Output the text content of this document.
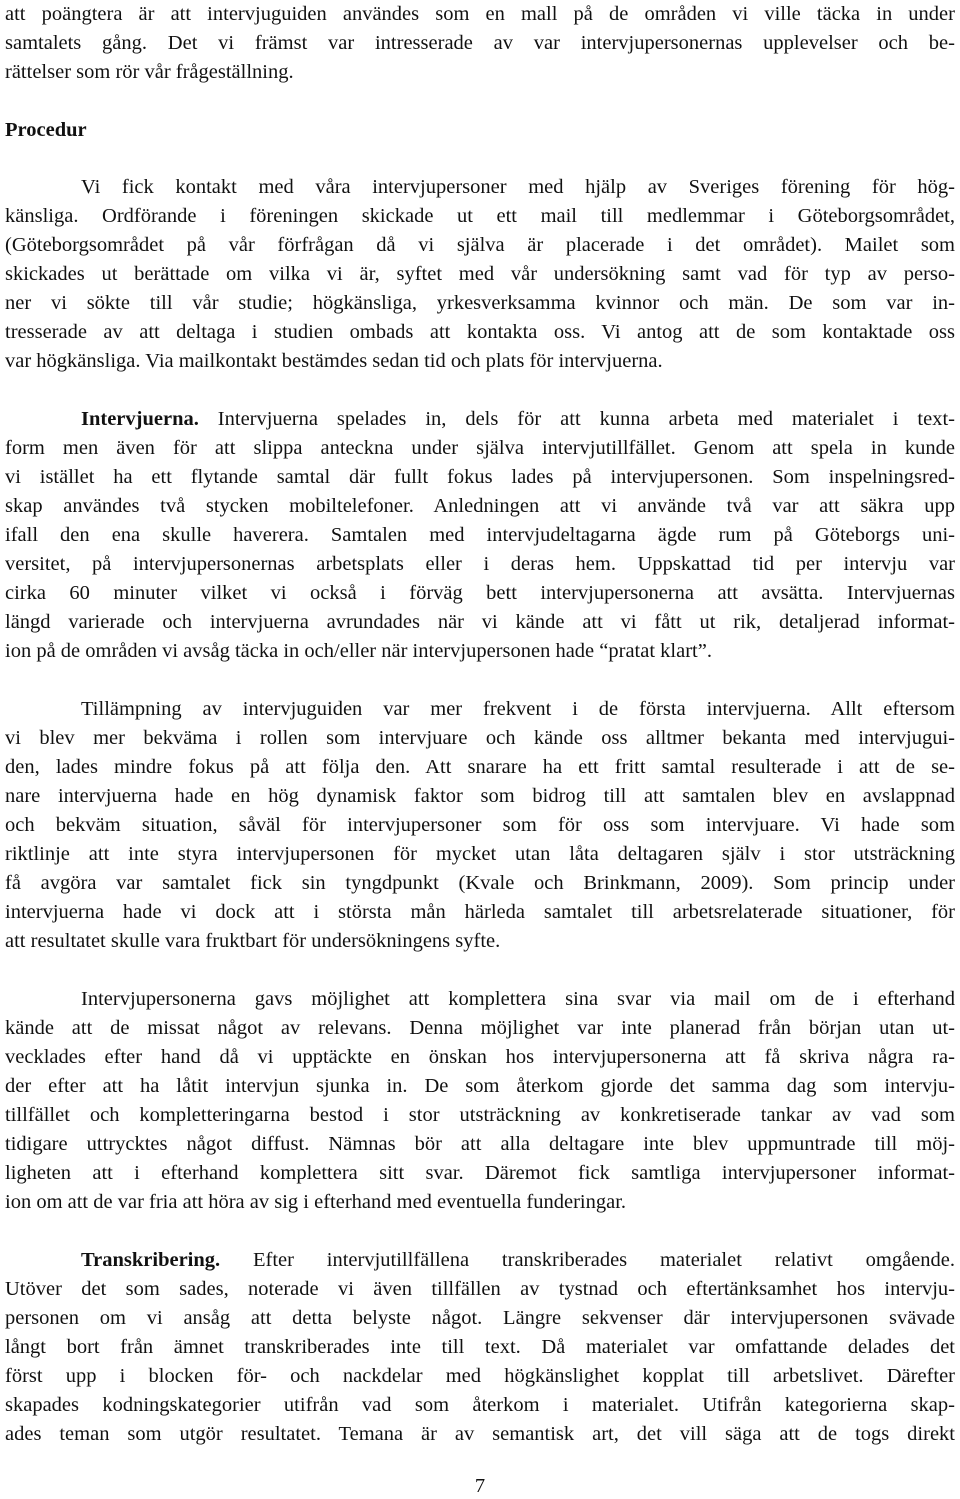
att poängtera är att intervjuguiden användes som en mall på de områden vi ville täcka in under
samtalets gång. Det vi främst var intresserade av var intervjupersonernas upplevelser och be-
rättelser som rör vår frågeställning.
Procedur
Vi fick kontakt med våra intervjupersoner med hjälp av Sveriges förening för hög-
känsliga. Ordförande i föreningen skickade ut ett mail till medlemmar i Göteborgsområdet,
(Göteborgsområdet på vår förfrågan då vi själva är placerade i det området). Mailet som
skickades ut berättade om vilka vi är, syftet med vår undersökning samt vad för typ av perso-
ner vi sökte till vår studie; högkänsliga, yrkesverksamma kvinnor och män. De som var in-
tresserade av att deltaga i studien ombads att kontakta oss. Vi antog att de som kontaktade oss
var högkänsliga. Via mailkontakt bestämdes sedan tid och plats för intervjuerna.
Intervjuerna. Intervjuerna spelades in, dels för att kunna arbeta med materialet i text-
form men även för att slippa anteckna under själva intervjutillfället. Genom att spela in kunde
vi istället ha ett flytande samtal där fullt fokus lades på intervjupersonen. Som inspelningsred-
skap användes två stycken mobiltelefoner. Anledningen att vi använde två var att säkra upp
ifall den ena skulle haverera. Samtalen med intervjudeltagarna ägde rum på Göteborgs uni-
versitet, på intervjupersonernas arbetsplats eller i deras hem. Uppskattad tid per intervju var
cirka 60 minuter vilket vi också i förväg bett intervjupersonerna att avsätta. Intervjuernas
längd varierade och intervjuerna avrundades när vi kände att vi fått ut rik, detaljerad informat-
ion på de områden vi avsåg täcka in och/eller när intervjupersonen hade “pratat klart”.
Tillämpning av intervjuguiden var mer frekvent i de första intervjuerna. Allt eftersom
vi blev mer bekväma i rollen som intervjuare och kände oss alltmer bekanta med intervjugui-
den, lades mindre fokus på att följa den. Att snarare ha ett fritt samtal resulterade i att de se-
nare intervjuerna hade en hög dynamisk faktor som bidrog till att samtalen blev en avslappnad
och bekväm situation, såväl för intervjupersoner som för oss som intervjuare. Vi hade som
riktlinje att inte styra intervjupersonen för mycket utan låta deltagaren själv i stor utsträckning
få avgöra var samtalet fick sin tyngdpunkt (Kvale och Brinkmann, 2009). Som princip under
intervjuerna hade vi dock att i största mån härleda samtalet till arbetsrelaterade situationer, för
att resultatet skulle vara fruktbart för undersökningens syfte.
Intervjupersonerna gavs möjlighet att komplettera sina svar via mail om de i efterhand
kände att de missat något av relevans. Denna möjlighet var inte planerad från början utan ut-
vecklades efter hand då vi upptäckte en önskan hos intervjupersonerna att få skriva några ra-
der efter att ha låtit intervjun sjunka in. De som återkom gjorde det samma dag som intervju-
tillfället och kompletteringarna bestod i stor utsträckning av konkretiserade tankar av vad som
tidigare uttrycktes något diffust. Nämnas bör att alla deltagare inte blev uppmuntrade till möj-
ligheten att i efterhand komplettera sitt svar. Däremot fick samtliga intervjupersoner informat-
ion om att de var fria att höra av sig i efterhand med eventuella funderingar.
Transkribering. Efter intervjutillfällena transkriberades materialet relativt omgående.
Utöver det som sades, noterade vi även tillfällen av tystnad och eftertänksamhet hos intervju-
personen om vi ansåg att detta belyste något. Längre sekvenser där intervjupersonen svävade
långt bort från ämnet transkriberades inte till text. Då materialet var omfattande delades det
först upp i blocken för- och nackdelar med högkänslighet kopplat till arbetslivet. Därefter
skapades kodningskategorier utifrån vad som återkom i materialet. Utifrån kategorierna skap-
ades teman som utgör resultatet. Temana är av semantisk art, det vill säga att de togs direkt
7
